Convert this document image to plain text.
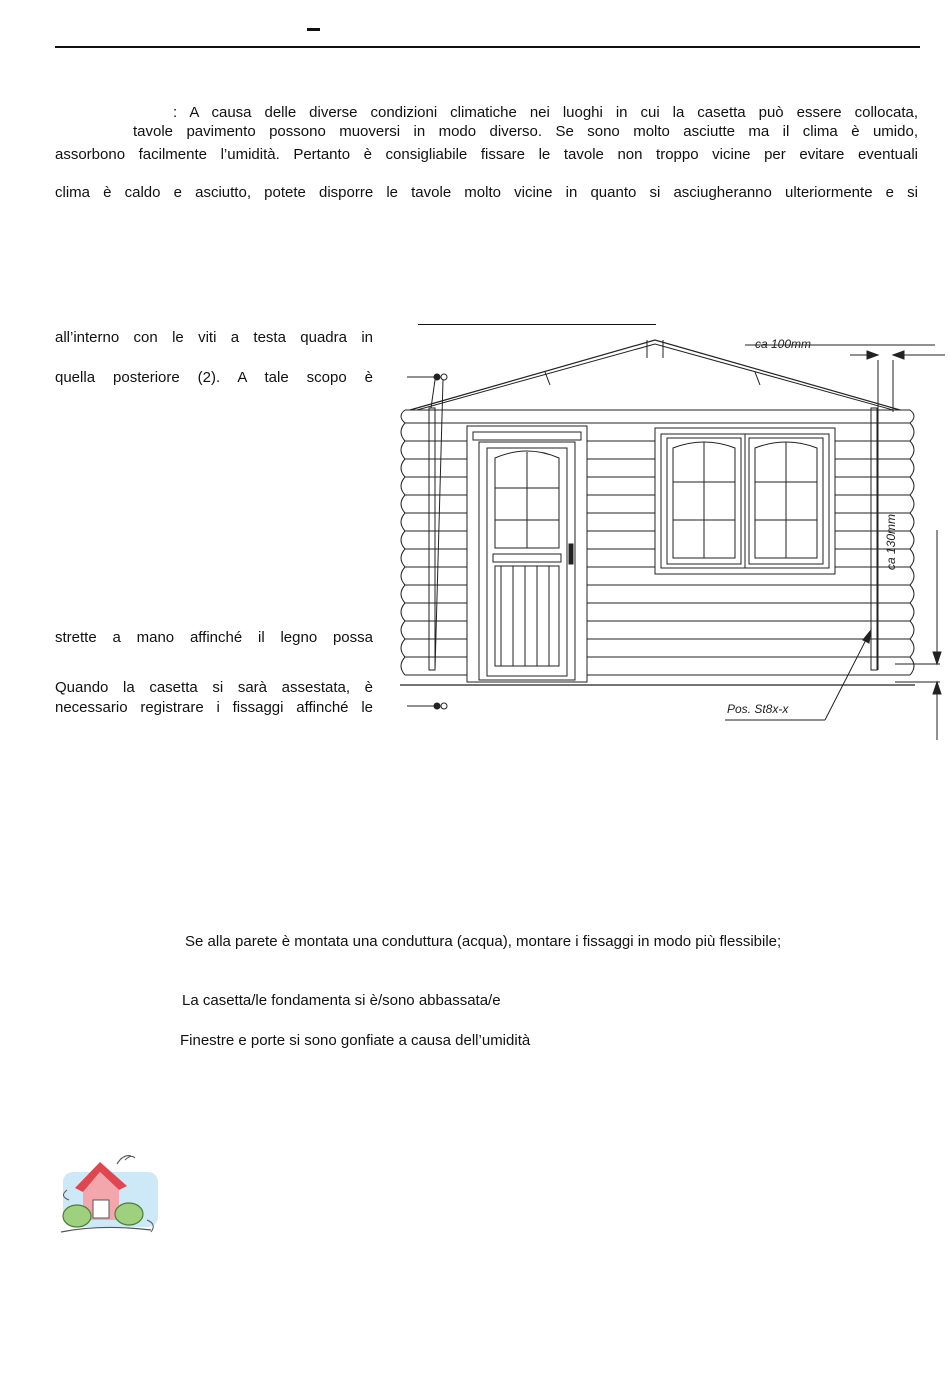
: A causa delle diverse condizioni climatiche nei luoghi in cui la casetta può essere collocata,
tavole pavimento possono muoversi in modo diverso. Se sono molto asciutte ma il clima è umido,
assorbono facilmente l’umidità. Pertanto è consigliabile fissare le tavole non troppo vicine per evitare eventuali
clima è caldo e asciutto, potete disporre le tavole molto vicine in quanto si asciugheranno ulteriormente e si
all’interno con le viti a testa quadra in
quella posteriore (2). A tale scopo è
strette a mano affinché il legno possa
Quando la casetta si sarà assestata, è
necessario registrare i fissaggi affinché le
ca 100mm
ca 130mm
Pos. St8x-x
Se alla parete è montata una conduttura (acqua), montare i fissaggi in modo più flessibile;
La casetta/le fondamenta si è/sono abbassata/e
Finestre e porte si sono gonfiate a causa dell’umidità
